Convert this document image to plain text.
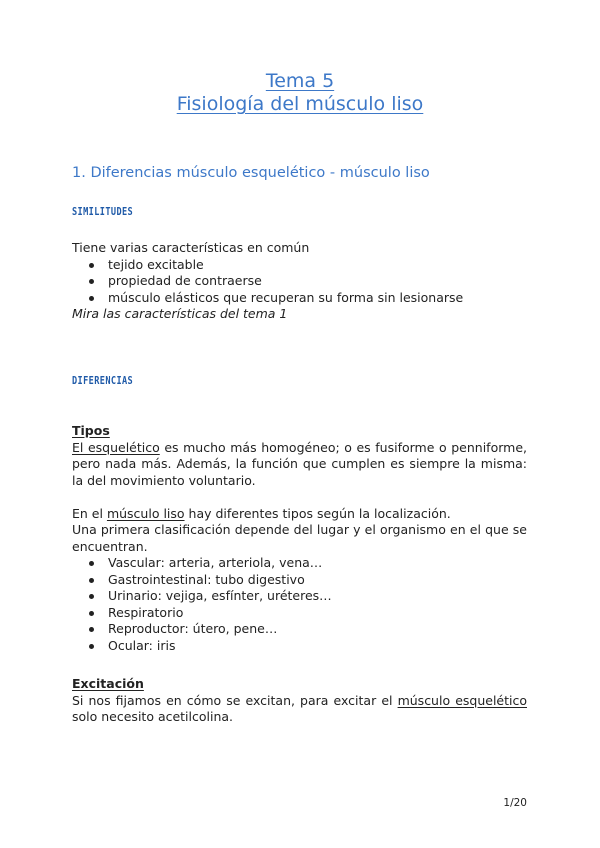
Tema 5
Fisiología del músculo liso
1. Diferencias músculo esquelético - músculo liso
SIMILITUDES
Tiene varias características en común
tejido excitable
propiedad de contraerse
músculo elásticos que recuperan su forma sin lesionarse
Mira las características del tema 1
DIFERENCIAS
Tipos
El esquelético es mucho más homogéneo; o es fusiforme o penniforme, pero nada más. Además, la función que cumplen es siempre la misma: la del movimiento voluntario.
En el músculo liso hay diferentes tipos según la localización.
Una primera clasificación depende del lugar y el organismo en el que se encuentran.
Vascular: arteria, arteriola, vena…
Gastrointestinal: tubo digestivo
Urinario: vejiga, esfínter, uréteres…
Respiratorio
Reproductor: útero, pene…
Ocular: iris
Excitación
Si nos fijamos en cómo se excitan, para excitar el músculo esquelético solo necesito acetilcolina.
1/20
